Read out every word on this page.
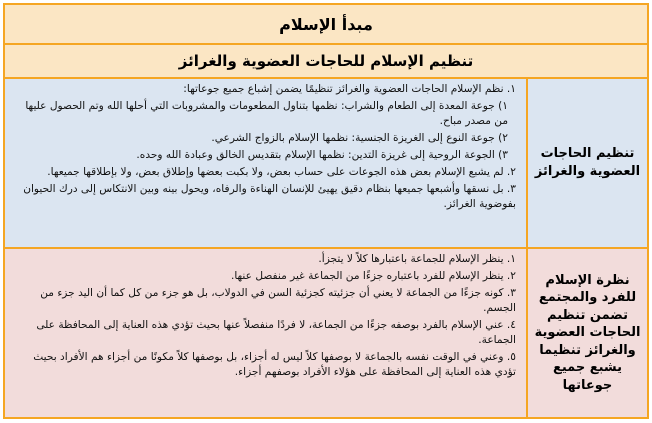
مبدأ الإسلام
تنظيم الإسلام للحاجات العضوية والغرائز
تنظيم الحاجات العضوية والغرائز

١. نظم الإسلام الحاجات العضوية والغرائز تنظيمًا يضمن إشباع جميع جوعاتها:

١) جوعة المعدة إلى الطعام والشراب: نظمها بتناول المطعومات والمشروبات التي أحلها الله وتم الحصول عليها من مصدر مباح.

٢) جوعة النوع إلى الغريزة الجنسية: نظمها الإسلام بالزواج الشرعي.

٣) الجوعة الروحية إلى غريزة التدين: نظمها الإسلام بتقديس الخالق وعبادة الله وحده.

٢. لم يشبع الإسلام بعض هذه الجوعات على حساب بعض، ولا بكبت بعضها وإطلاق بعض، ولا بإطلاقها جميعها.

٣. بل نسقها وأشبعها جميعها بنظام دقيق يهيئ للإنسان الهناءة والرفاه، ويحول بينه وبين الانتكاس إلى درك الحيوان بفوضوية الغرائز.

نظرة الإسلام للفرد والمجتمع تضمن تنظيم الحاجات العضوية والغرائز تنظيما يشبع جميع جوعاتها

١. ينظر الإسلام للجماعة باعتبارها كلاً لا يتجزأ.

٢. ينظر الإسلام للفرد باعتباره جزءًا من الجماعة غير منفصل عنها.

٣. كونه جزءًا من الجماعة لا يعني أن جزئيته كجزئية السن في الدولاب، بل هو جزء من كل كما أن اليد جزء من الجسم.

٤. عني الإسلام بالفرد بوصفه جزءًا من الجماعة، لا فردًا منفصلاً عنها بحيث تؤدي هذه العناية إلى المحافظة على الجماعة.

٥. وعني في الوقت نفسه بالجماعة لا بوصفها كلاً ليس له أجزاء، بل بوصفها كلاً مكونًا من أجزاء هم الأفراد بحيث تؤدي هذه العناية إلى المحافظة على هؤلاء الأفراد بوصفهم أجزاء.
